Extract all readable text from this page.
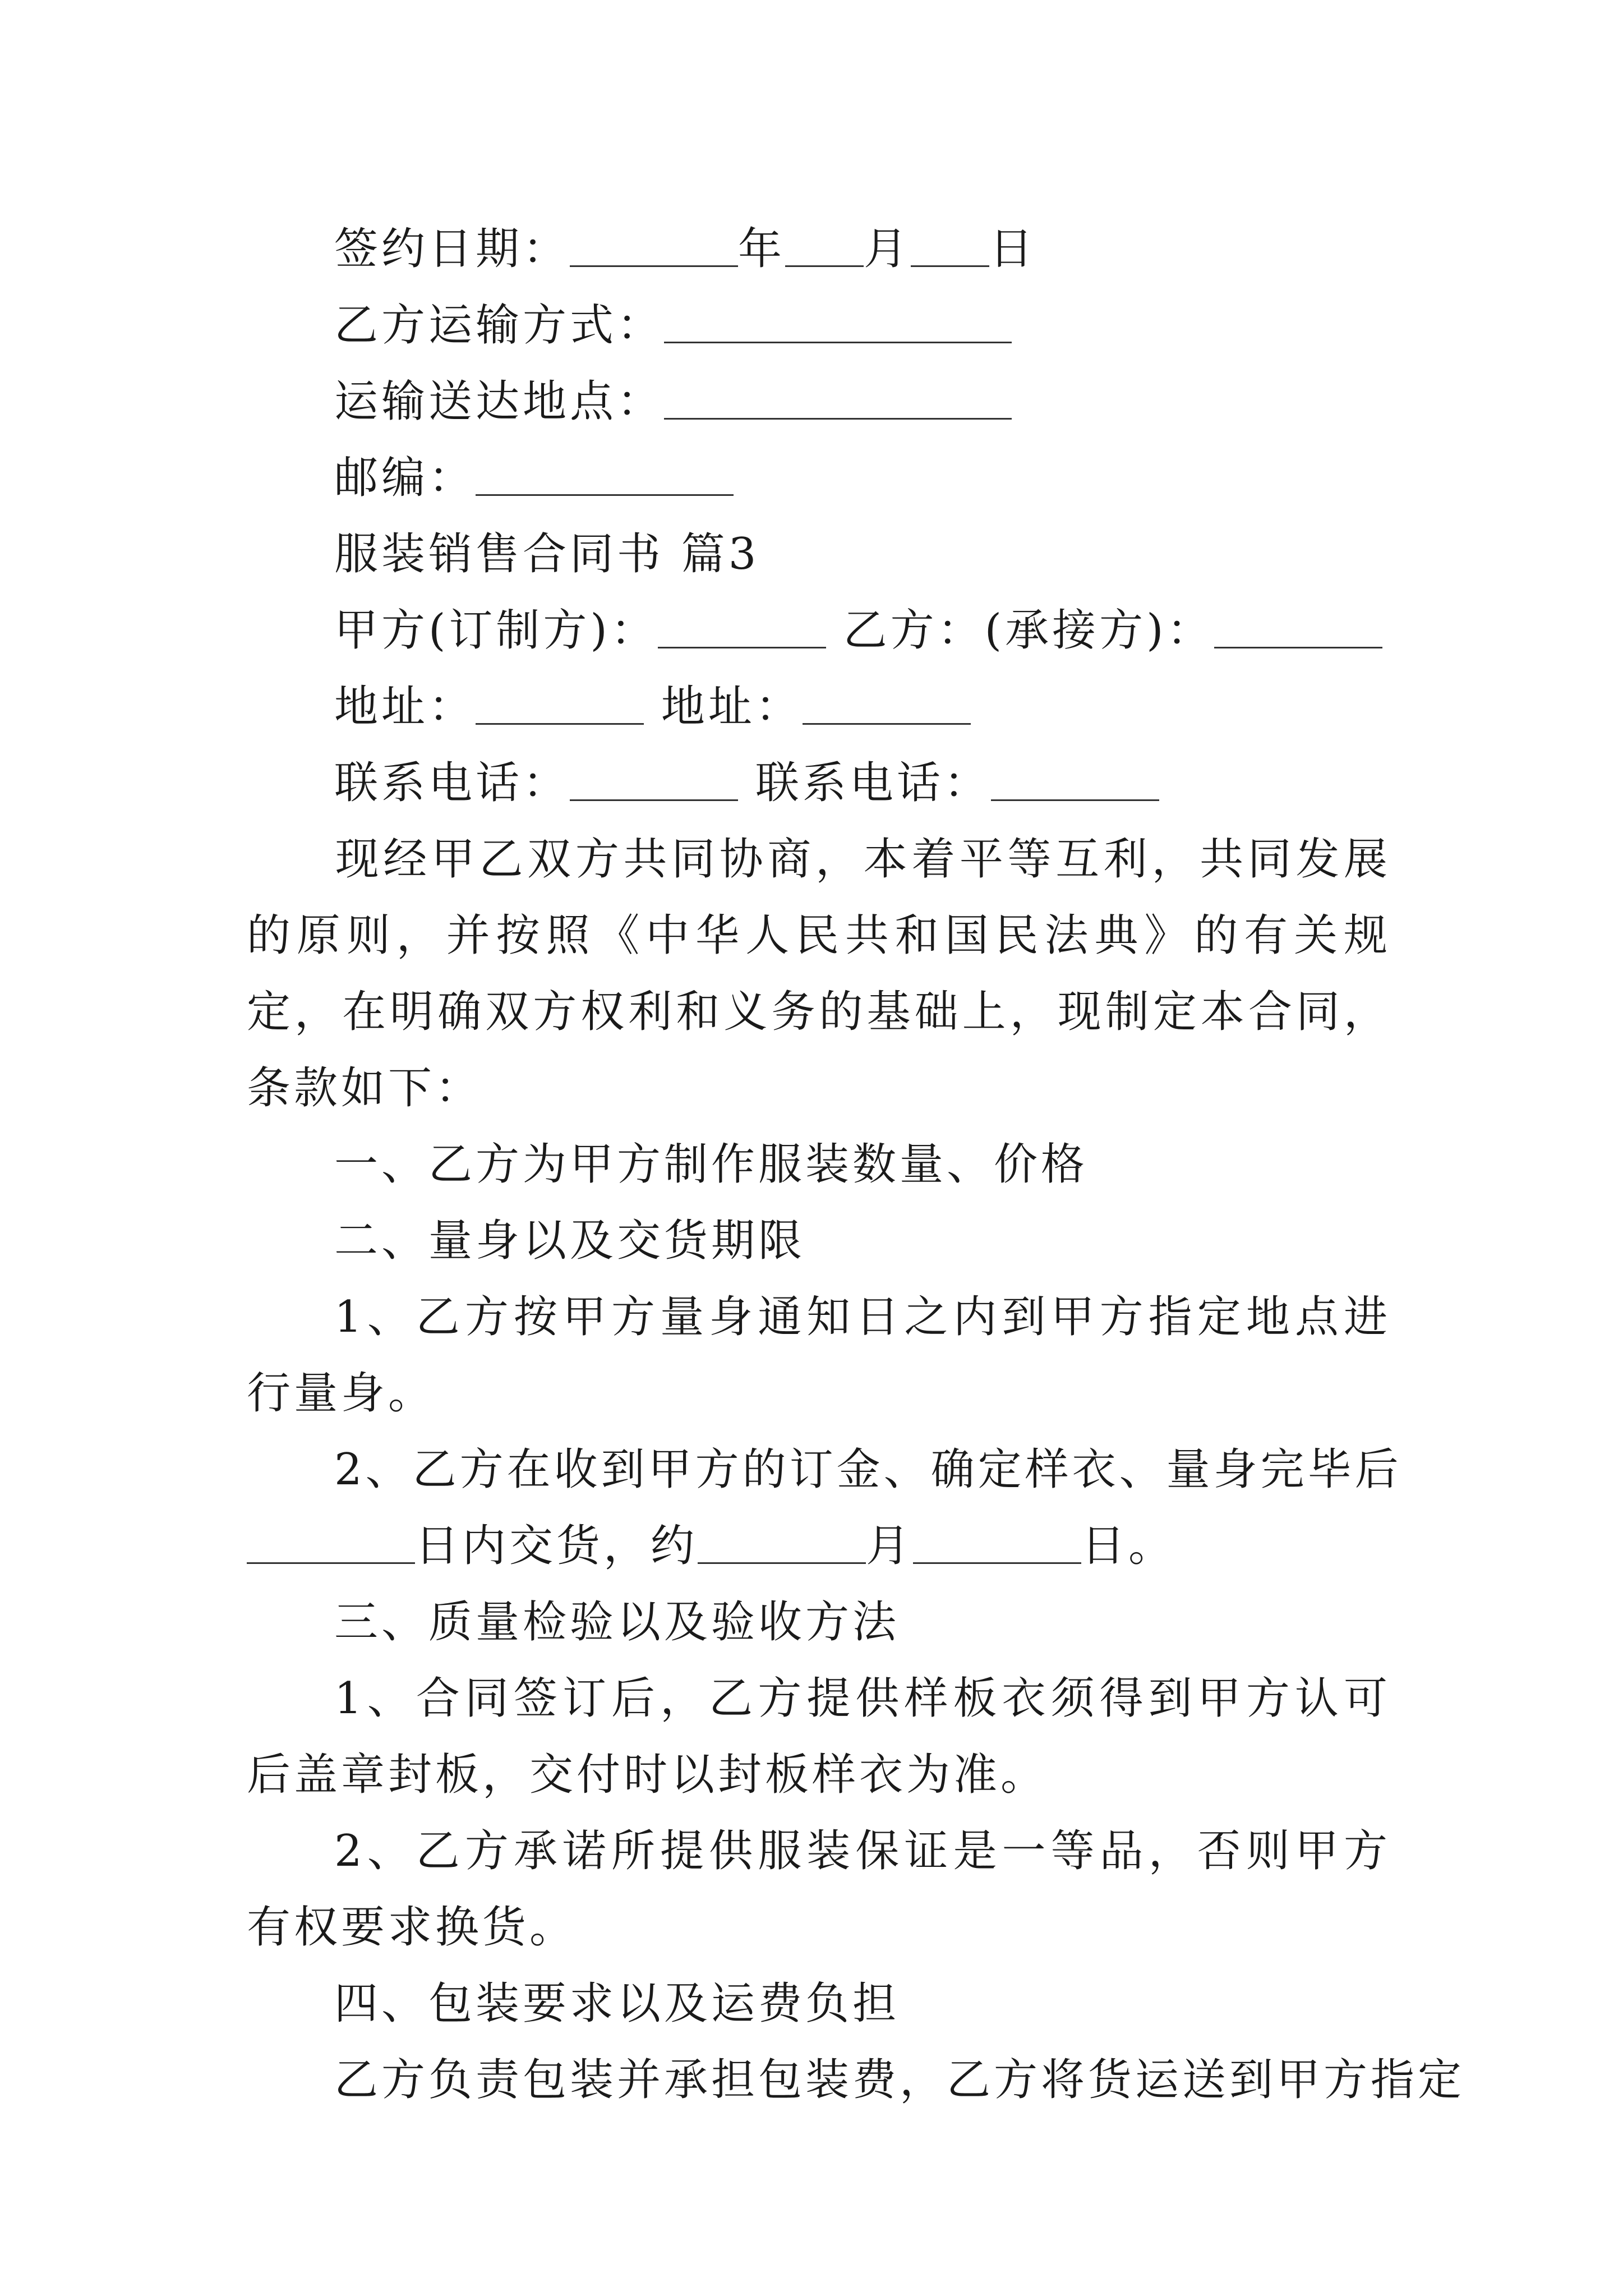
签约日期：	年 月 日
乙方运输方式：
运输送达地点：
邮编：
服装销售合同书 篇3
甲方(订制方)：	乙方：(承接方)：
地址：	地址：
联系电话：	联系电话：
现经甲乙双方共同协商，本着平等互利，共同发展的原则，并按照《中华人民共和国民法典》的有关规定，在明确双方权利和义务的基础上，现制定本合同，条款如下：
一、乙方为甲方制作服装数量、价格
二、量身以及交货期限
1、乙方按甲方量身通知日之内到甲方指定地点进行量身。
2、乙方在收到甲方的订金、确定样衣、量身完毕后
日内交货，约	月	日。
三、质量检验以及验收方法
1、合同签订后，乙方提供样板衣须得到甲方认可后盖章封板，交付时以封板样衣为准。
2、乙方承诺所提供服装保证是一等品，否则甲方有权要求换货。
四、包装要求以及运费负担
乙方负责包装并承担包装费，乙方将货运送到甲方指定
